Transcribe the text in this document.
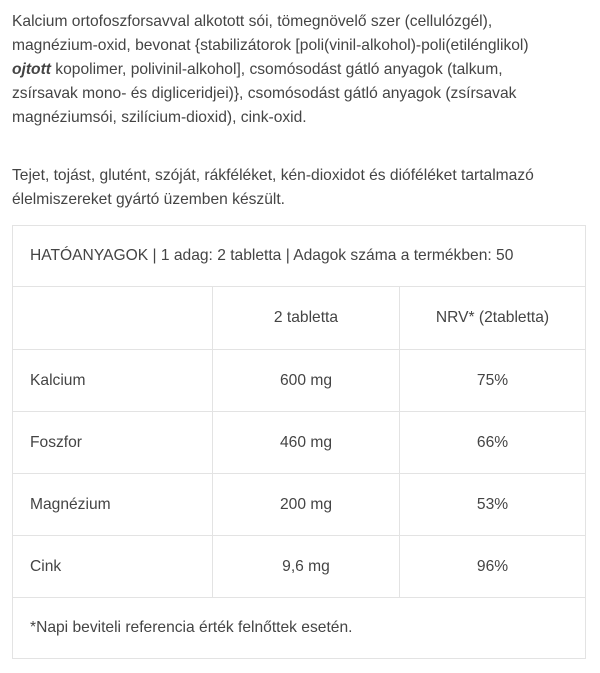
Kalcium ortofoszforsavval alkotott sói, tömegnövelő szer (cellulózgél),
magnézium-oxid, bevonat {stabilizátorok [poli(vinil-alkohol)-poli(etilénglikol)
ojtott kopolimer, polivinil-alkohol], csomósodást gátló anyagok (talkum,
zsírsavak mono- és digliceridjei)}, csomósodást gátló anyagok (zsírsavak
magnéziumsói, szilícium-dioxid), cink-oxid.

Tejet, tojást, glutént, szóját, rákféléket, kén-dioxidot és dióféléket tartalmazó
élelmiszereket gyártó üzemben készült.

HATÓANYAGOK | 1 adag: 2 tabletta | Adagok száma a termékben: 50		
	2 tabletta	NRV* (2tabletta)
Kalcium	600 mg	75%
Foszfor	460 mg	66%
Magnézium	200 mg	53%
Cink	9,6 mg	96%
*Napi beviteli referencia érték felnőttek esetén.		
